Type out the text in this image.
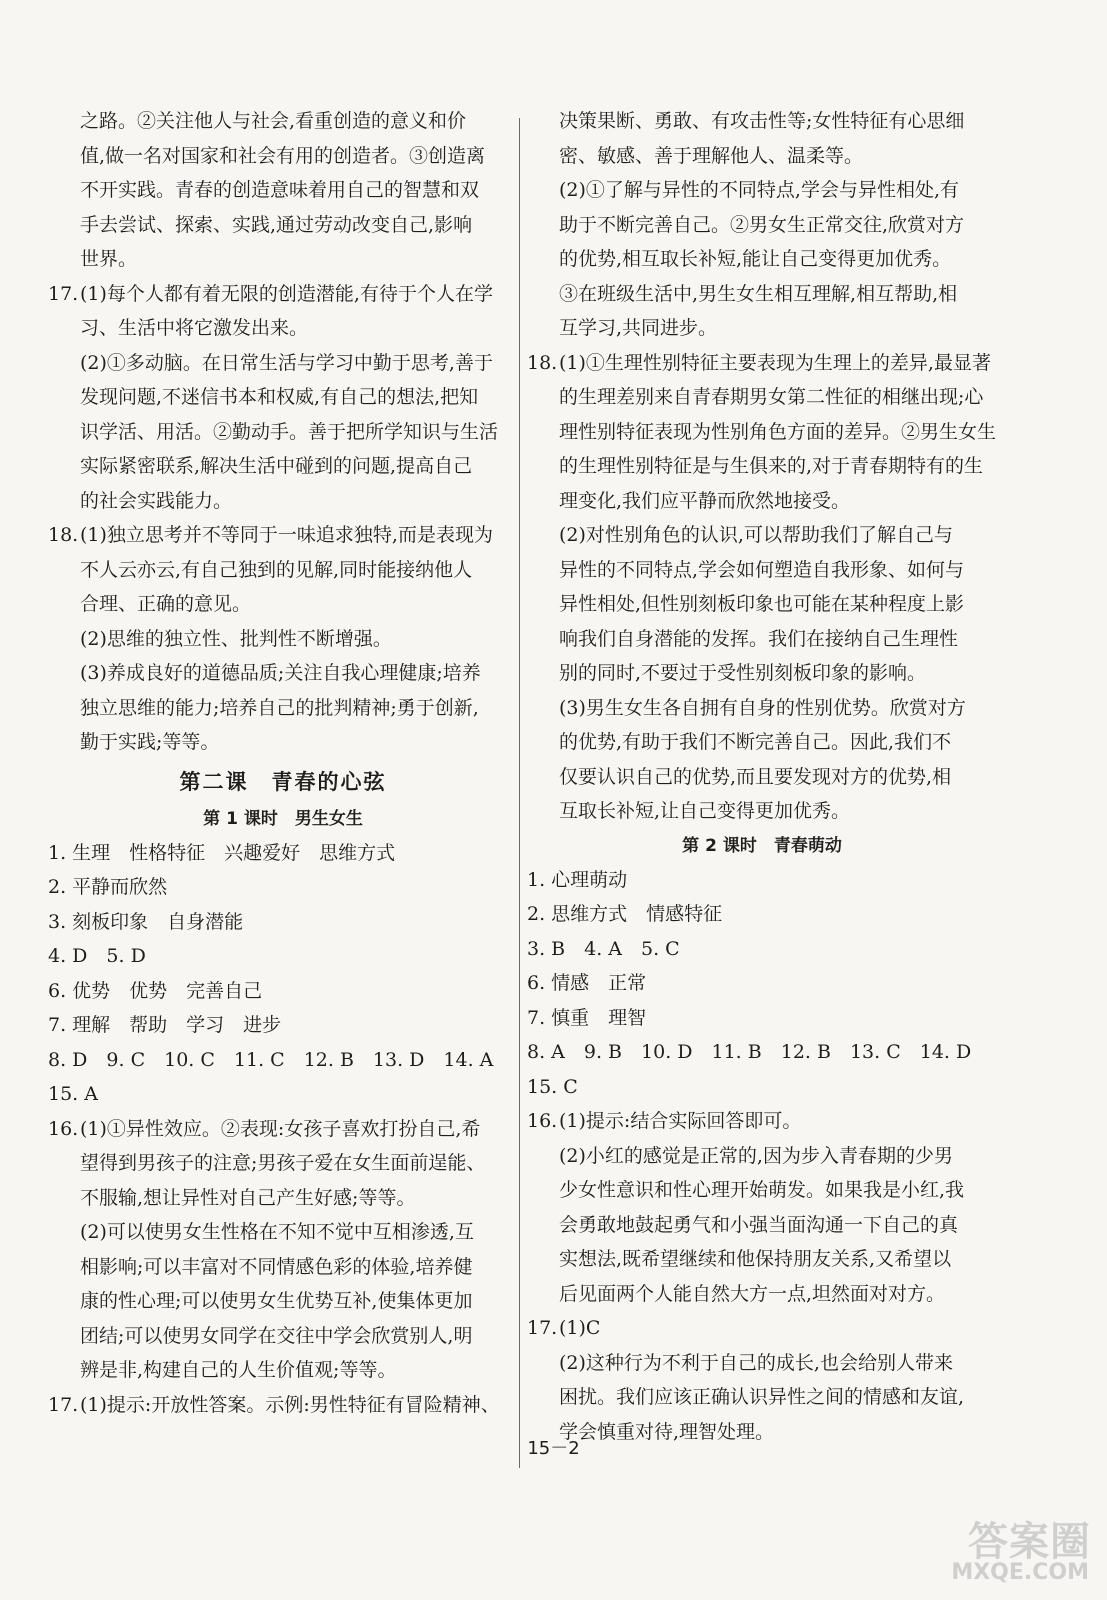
之路。②关注他人与社会,看重创造的意义和价
值,做一名对国家和社会有用的创造者。③创造离
不开实践。青春的创造意味着用自己的智慧和双
手去尝试、探索、实践,通过劳动改变自己,影响
世界。
17. (1)每个人都有着无限的创造潜能,有待于个人在学
习、生活中将它激发出来。
(2)①多动脑。在日常生活与学习中勤于思考,善于
发现问题,不迷信书本和权威,有自己的想法,把知
识学活、用活。②勤动手。善于把所学知识与生活
实际紧密联系,解决生活中碰到的问题,提高自己
的社会实践能力。
18. (1)独立思考并不等同于一味追求独特,而是表现为
不人云亦云,有自己独到的见解,同时能接纳他人
合理、正确的意见。
(2)思维的独立性、批判性不断增强。
(3)养成良好的道德品质;关注自我心理健康;培养
独立思维的能力;培养自己的批判精神;勇于创新,
勤于实践;等等。
第二课　青春的心弦
第 1 课时　男生女生
1. 生理　性格特征　兴趣爱好　思维方式
2. 平静而欣然
3. 刻板印象　自身潜能
4. D　5. D
6. 优势　优势　完善自己
7. 理解　帮助　学习　进步
8. D　9. C　10. C　11. C　12. B　13. D　14. A
15. A
16. (1)①异性效应。②表现:女孩子喜欢打扮自己,希
望得到男孩子的注意;男孩子爱在女生面前逞能、
不服输,想让异性对自己产生好感;等等。
(2)可以使男女生性格在不知不觉中互相渗透,互
相影响;可以丰富对不同情感色彩的体验,培养健
康的性心理;可以使男女生优势互补,使集体更加
团结;可以使男女同学在交往中学会欣赏别人,明
辨是非,构建自己的人生价值观;等等。
17. (1)提示:开放性答案。示例:男性特征有冒险精神、
决策果断、勇敢、有攻击性等;女性特征有心思细
密、敏感、善于理解他人、温柔等。
(2)①了解与异性的不同特点,学会与异性相处,有
助于不断完善自己。②男女生正常交往,欣赏对方
的优势,相互取长补短,能让自己变得更加优秀。
③在班级生活中,男生女生相互理解,相互帮助,相
互学习,共同进步。
18. (1)①生理性别特征主要表现为生理上的差异,最显著
的生理差别来自青春期男女第二性征的相继出现;心
理性别特征表现为性别角色方面的差异。②男生女生
的生理性别特征是与生俱来的,对于青春期特有的生
理变化,我们应平静而欣然地接受。
(2)对性别角色的认识,可以帮助我们了解自己与
异性的不同特点,学会如何塑造自我形象、如何与
异性相处,但性别刻板印象也可能在某种程度上影
响我们自身潜能的发挥。我们在接纳自己生理性
别的同时,不要过于受性别刻板印象的影响。
(3)男生女生各自拥有自身的性别优势。欣赏对方
的优势,有助于我们不断完善自己。因此,我们不
仅要认识自己的优势,而且要发现对方的优势,相
互取长补短,让自己变得更加优秀。
第 2 课时　青春萌动
1. 心理萌动
2. 思维方式　情感特征
3. B　4. A　5. C
6. 情感　正常
7. 慎重　理智
8. A　9. B　10. D　11. B　12. B　13. C　14. D
15. C
16. (1)提示:结合实际回答即可。
(2)小红的感觉是正常的,因为步入青春期的少男
少女性意识和性心理开始萌发。如果我是小红,我
会勇敢地鼓起勇气和小强当面沟通一下自己的真
实想法,既希望继续和他保持朋友关系,又希望以
后见面两个人能自然大方一点,坦然面对对方。
17. (1)C
(2)这种行为不利于自己的成长,也会给别人带来
困扰。我们应该正确认识异性之间的情感和友谊,
学会慎重对待,理智处理。
15－2
答案圈
MXQE.COM
